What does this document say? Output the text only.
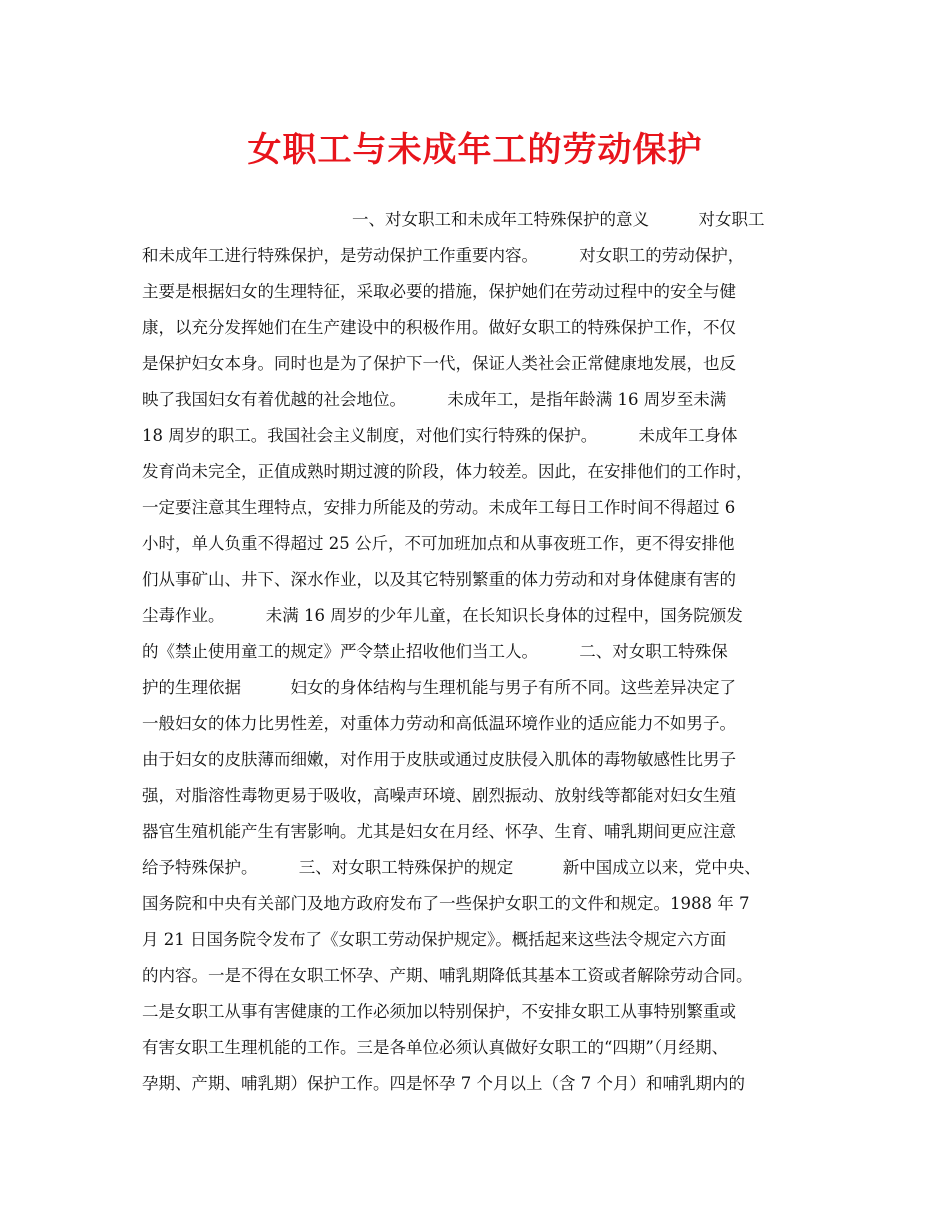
女职工与未成年工的劳动保护
一、对女职工和未成年工特殊保护的意义　　　对女职工
和未成年工进行特殊保护，是劳动保护工作重要内容。　　　对女职工的劳动保护，
主要是根据妇女的生理特征，采取必要的措施，保护她们在劳动过程中的安全与健
康，以充分发挥她们在生产建设中的积极作用。做好女职工的特殊保护工作，不仅
是保护妇女本身。同时也是为了保护下一代，保证人类社会正常健康地发展，也反
映了我国妇女有着优越的社会地位。　　　未成年工，是指年龄满 16 周岁至未满
18 周岁的职工。我国社会主义制度，对他们实行特殊的保护。　　　未成年工身体
发育尚未完全，正值成熟时期过渡的阶段，体力较差。因此，在安排他们的工作时，
一定要注意其生理特点，安排力所能及的劳动。未成年工每日工作时间不得超过 6
小时，单人负重不得超过 25 公斤，不可加班加点和从事夜班工作，更不得安排他
们从事矿山、井下、深水作业，以及其它特别繁重的体力劳动和对身体健康有害的
尘毒作业。　　　未满 16 周岁的少年儿童，在长知识长身体的过程中，国务院颁发
的《禁止使用童工的规定》严令禁止招收他们当工人。　　　二、对女职工特殊保
护的生理依据　　　妇女的身体结构与生理机能与男子有所不同。这些差异决定了
一般妇女的体力比男性差，对重体力劳动和高低温环境作业的适应能力不如男子。
由于妇女的皮肤薄而细嫩，对作用于皮肤或通过皮肤侵入肌体的毒物敏感性比男子
强，对脂溶性毒物更易于吸收，高噪声环境、剧烈振动、放射线等都能对妇女生殖
器官生殖机能产生有害影响。尤其是妇女在月经、怀孕、生育、哺乳期间更应注意
给予特殊保护。　　　三、对女职工特殊保护的规定　　　新中国成立以来，党中央、
国务院和中央有关部门及地方政府发布了一些保护女职工的文件和规定。1988 年 7
月 21 日国务院令发布了《女职工劳动保护规定》。概括起来这些法令规定六方面
的内容。一是不得在女职工怀孕、产期、哺乳期降低其基本工资或者解除劳动合同。
二是女职工从事有害健康的工作必须加以特别保护，不安排女职工从事特别繁重或
有害女职工生理机能的工作。三是各单位必须认真做好女职工的“四期”（月经期、
孕期、产期、哺乳期）保护工作。四是怀孕 7 个月以上（含 7 个月）和哺乳期内的
